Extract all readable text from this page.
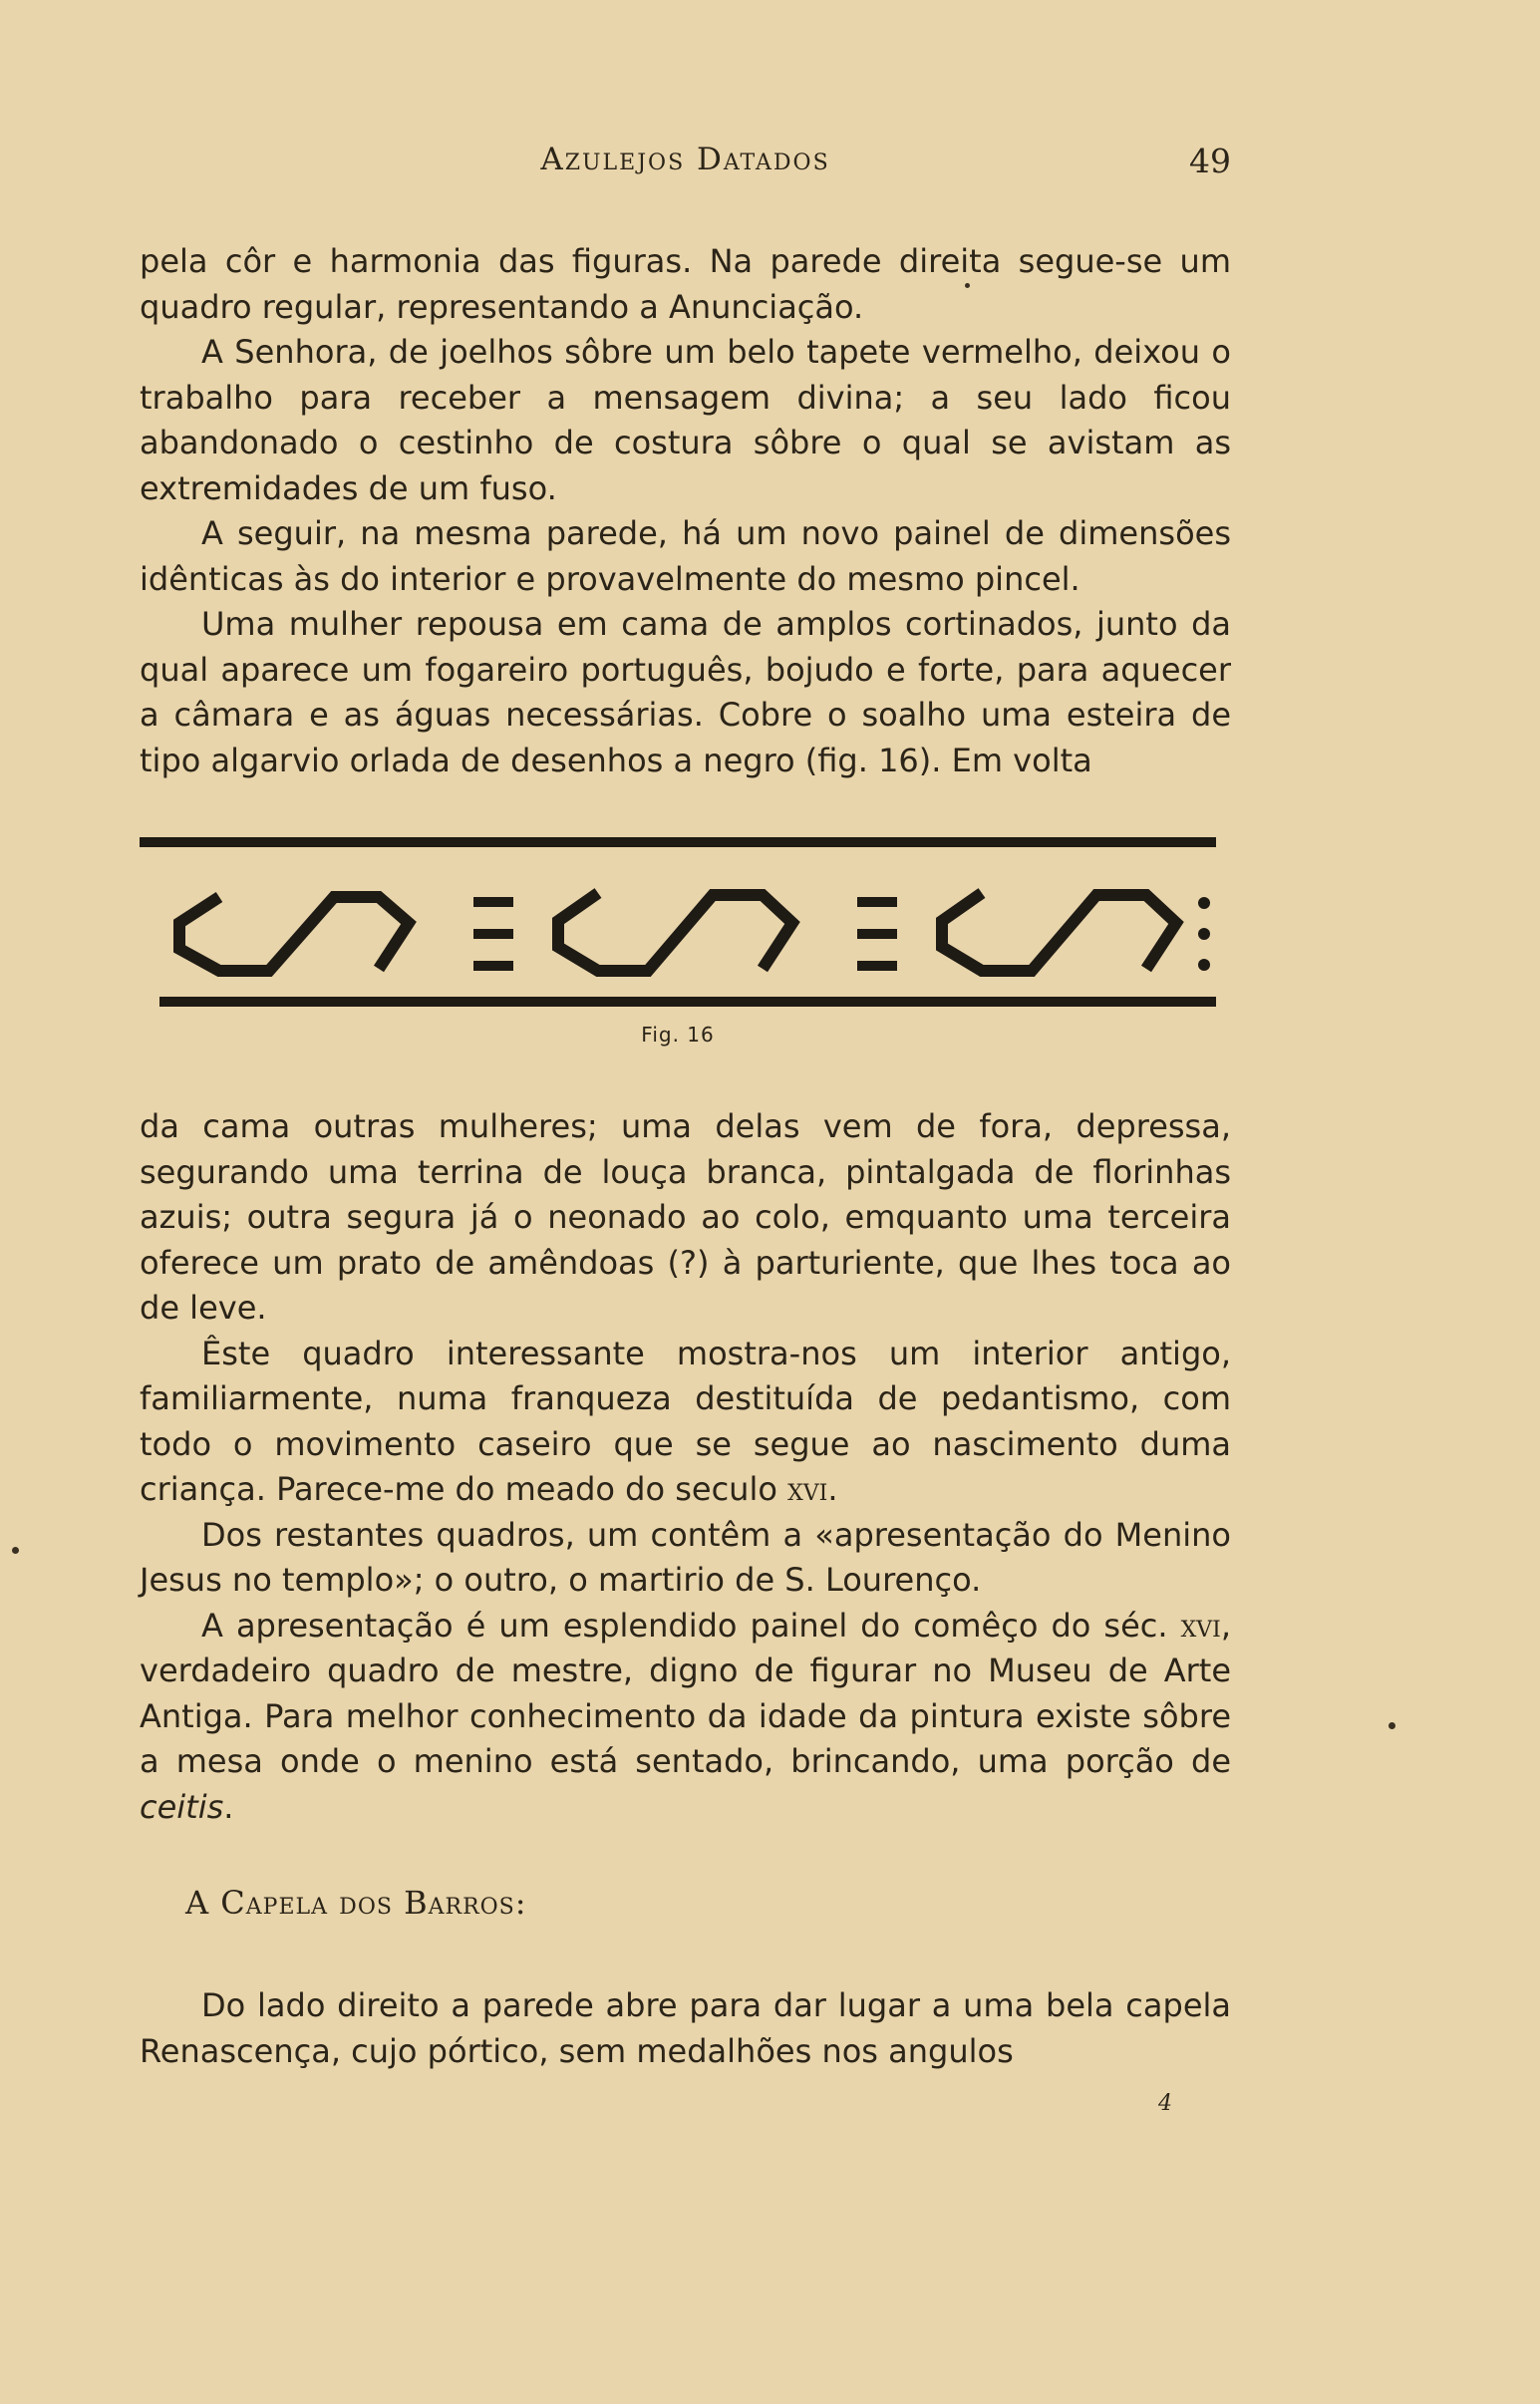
Azulejos Datados	49

pela côr e harmonia das figuras. Na parede direita segue-se um quadro regular, representando a Anunciação.

A Senhora, de joelhos sôbre um belo tapete vermelho, deixou o trabalho para receber a mensagem divina; a seu lado ficou abandonado o cestinho de costura sôbre o qual se avistam as extremidades de um fuso.

A seguir, na mesma parede, há um novo painel de dimensões idênticas às do interior e provavelmente do mesmo pincel.

Uma mulher repousa em cama de amplos cortinados, junto da qual aparece um fogareiro português, bojudo e forte, para aquecer a câmara e as águas necessárias. Cobre o soalho uma esteira de tipo algarvio orlada de desenhos a negro (fig. 16). Em volta

Fig. 16

da cama outras mulheres; uma delas vem de fora, depressa, segurando uma terrina de louça branca, pintalgada de florinhas azuis; outra segura já o neonado ao colo, emquanto uma terceira oferece um prato de amêndoas (?) à parturiente, que lhes toca ao de leve.

Êste quadro interessante mostra-nos um interior antigo, familiarmente, numa franqueza destituída de pedantismo, com todo o movimento caseiro que se segue ao nascimento duma criança. Parece-me do meado do seculo xvi.

Dos restantes quadros, um contêm a «apresentação do Menino Jesus no templo»; o outro, o martirio de S. Lourenço.

A apresentação é um esplendido painel do comêço do séc. xvi, verdadeiro quadro de mestre, digno de figurar no Museu de Arte Antiga. Para melhor conhecimento da idade da pintura existe sôbre a mesa onde o menino está sentado, brincando, uma porção de ceitis.

A Capela dos Barros:

Do lado direito a parede abre para dar lugar a uma bela capela Renascença, cujo pórtico, sem medalhões nos angulos

4
